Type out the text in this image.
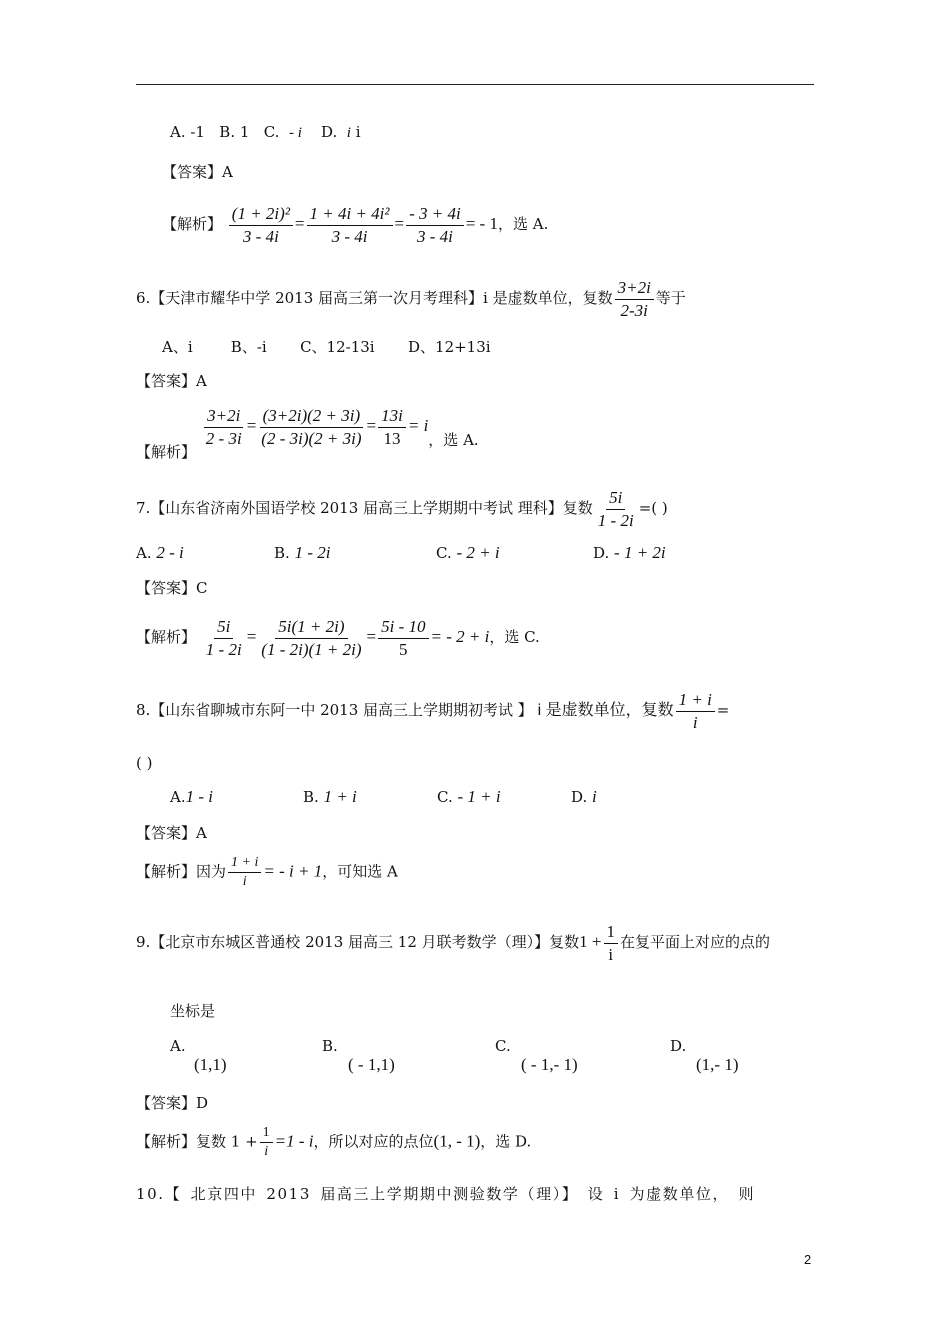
A. -1 B. 1 C. - i D. i i
【答案】A
【解析】 $\frac{\text{(1 + 2i)²}}{3 - 4i} = \frac{\text{1 + 4i + 4i²}}{3 - 4i} = \frac{- 3 + 4i}{3 - 4i}$ = - 1，选 A.
6.【天津市耀华中学 2013 届高三第一次月考理科】i 是虚数单位，复数 $\frac{3+2i}{2-3i}$ 等于
A、i	B、-i C、12-13i D、12+13i
【答案】A
【解析】
$\frac{3+2i}{2 - 3i} = \frac{(3+2i)(2 + 3i)}{(2 - 3i)(2 + 3i)} = \frac{13i}{13} = i$，选 A.
7.【山东省济南外国语学校 2013 届高三上学期期中考试 理科】复数 $\frac{5i}{1 - 2i}$ =( )
A. 2 - i	B. 1 - 2i	C. - 2 + i	D. - 1 + 2i
【答案】C
【解析】 $\frac{5i}{1 - 2i} = \frac{5i(1 + 2i)}{(1 - 2i)(1 + 2i)} = \frac{5i - 10}{5}$ = - 2 + i，选 C.
8.【山东省聊城市东阿一中 2013 届高三上学期期初考试 】 i 是虚数单位，复数 $\frac{1 + i}{i}$ =
( )
A.1 - i	B. 1 + i	C. - 1 + i	D. i
【答案】A
【解析】因为 $\frac{1 + i}{i}$ = - i + 1，可知选 A
9.【北京市东城区普通校 2013 届高三 12 月联考数学（理）】复数$1 + \frac{1}{i}$ 在复平面上对应的点的
坐标是
A.
(1,1)
B.
( - 1,1)
C.
( - 1,- 1)
D.
(1,- 1)
【答案】D
【解析】复数 $1 + \frac{1}{i} =1 - i$，所以对应的点位(1, - 1)，选 D.
10.【 北京四中 2013 届高三上学期期中测验数学（理）】 设 i 为虚数单位， 则
2
